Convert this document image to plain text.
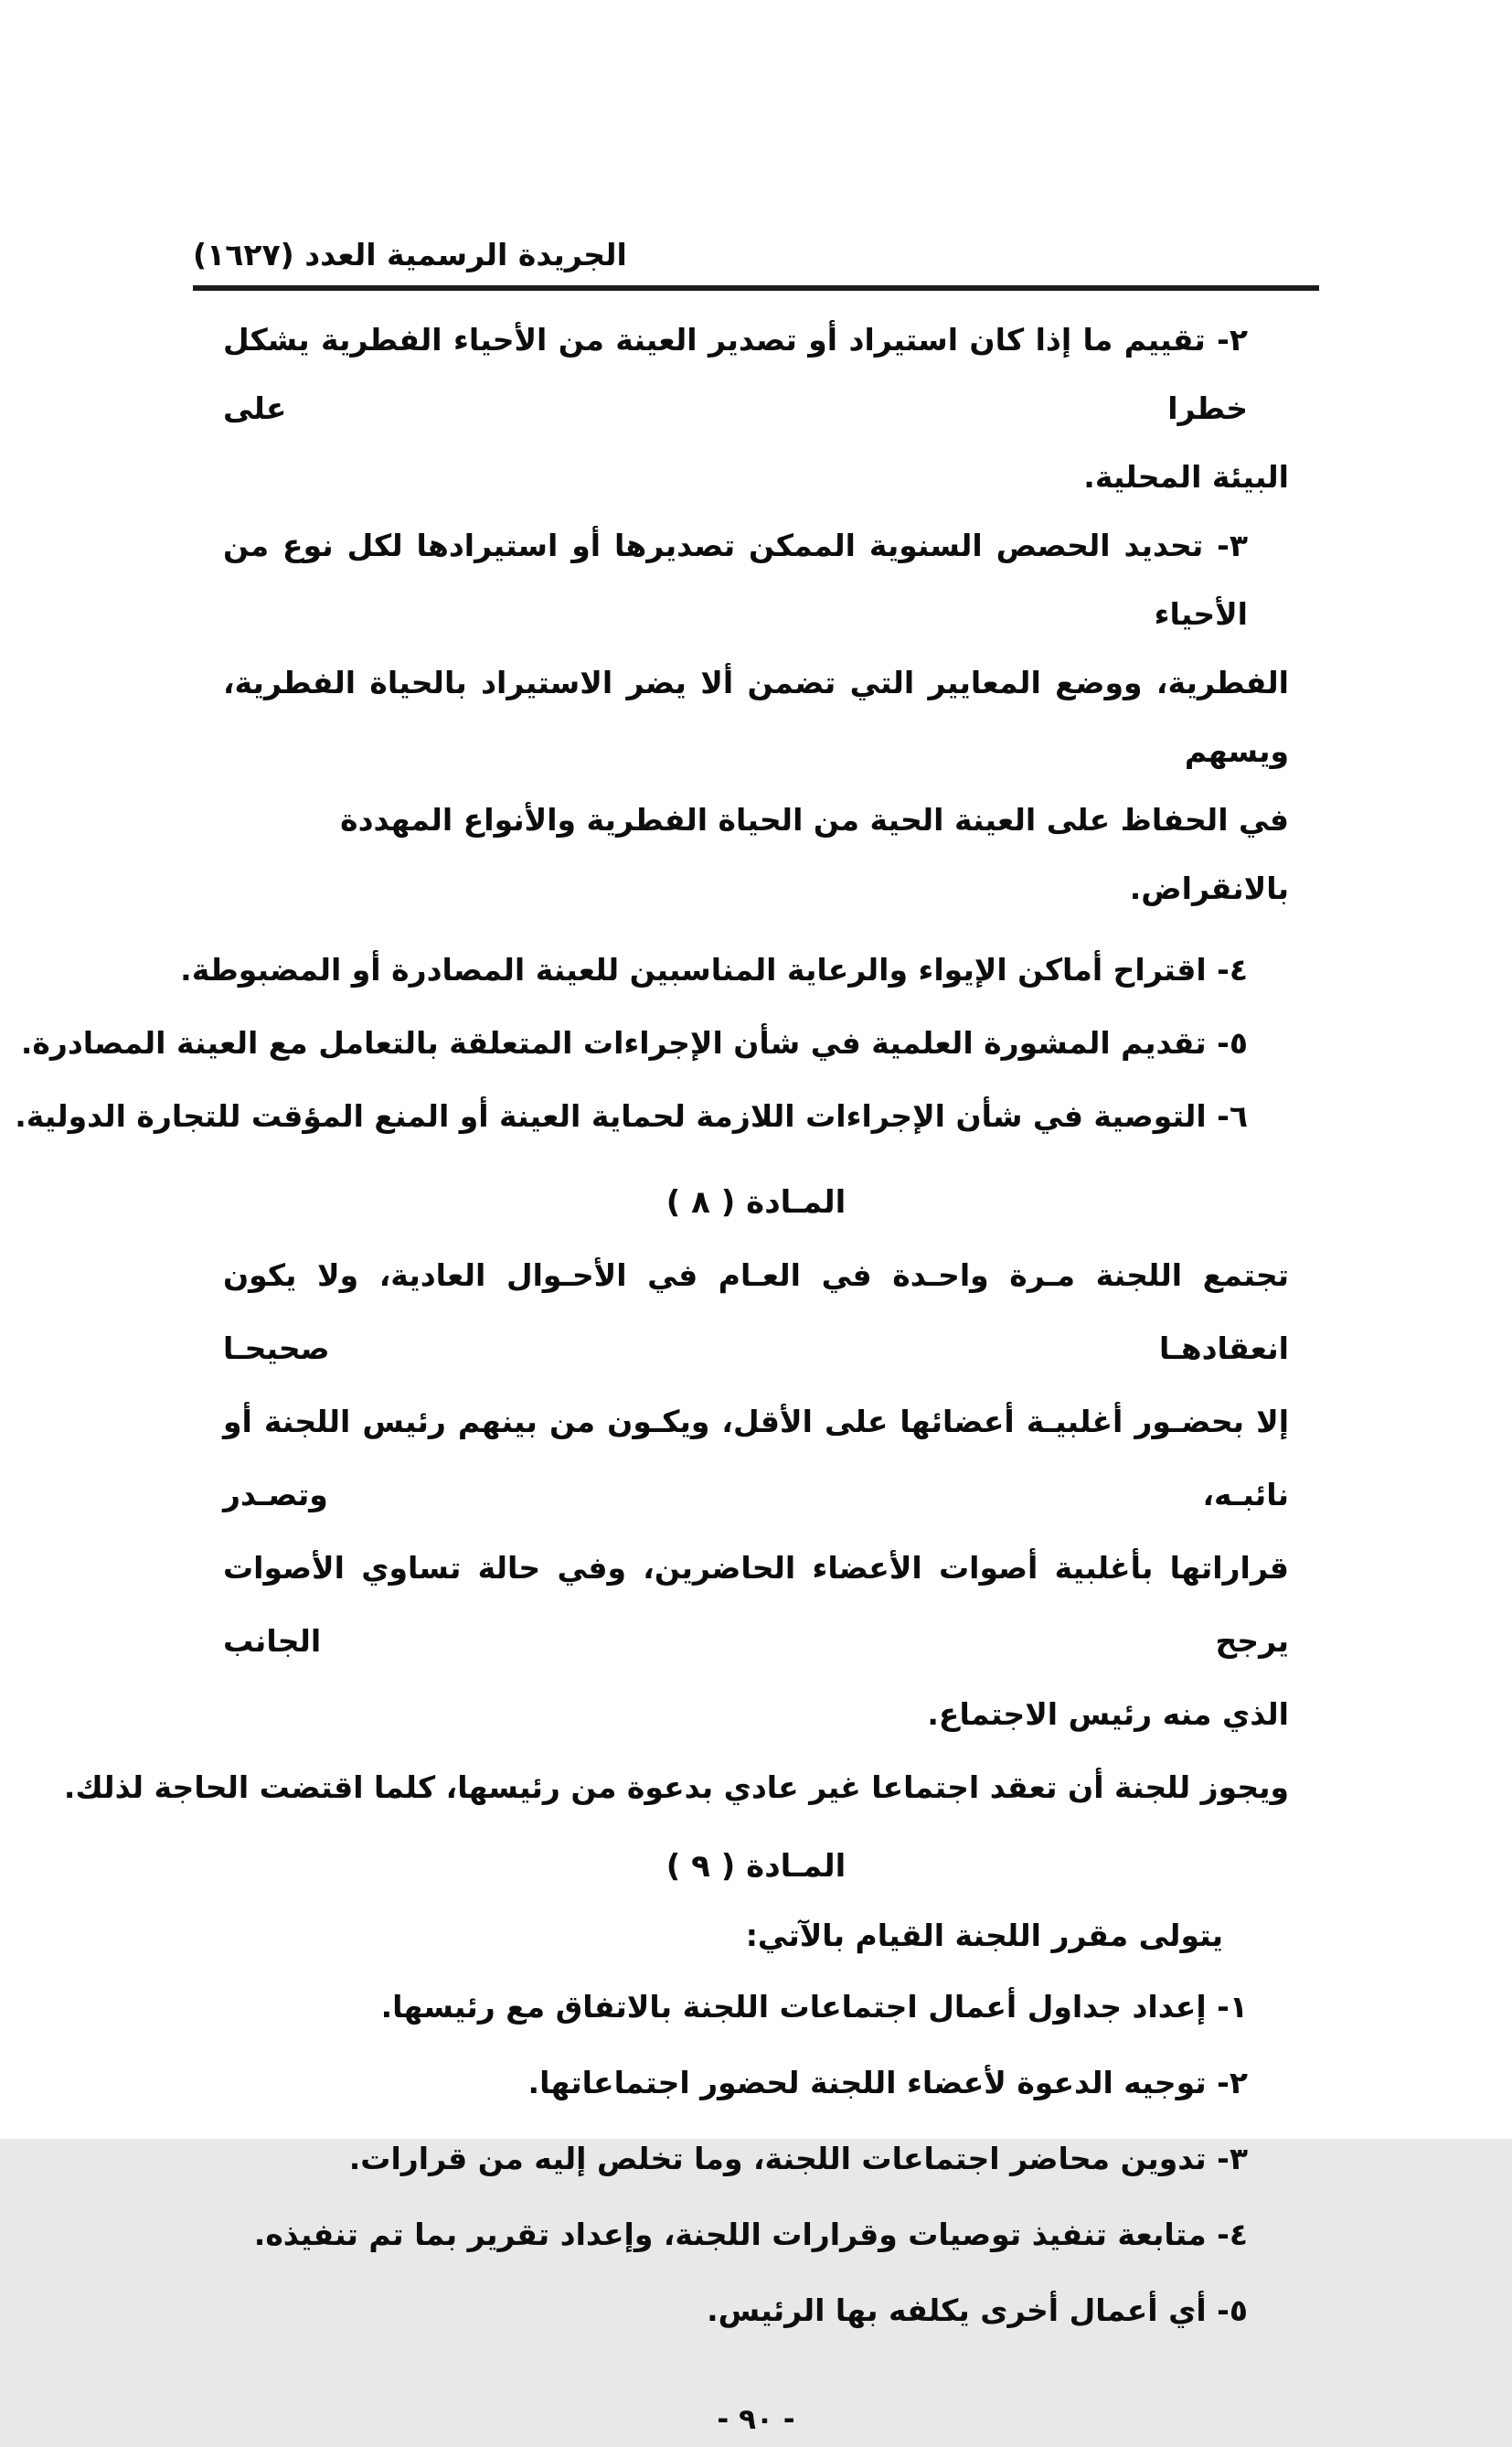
الجريدة الرسمية العدد (١٦٢٧)
٢- تقييم ما إذا كان استيراد أو تصدير العينة من الأحياء الفطرية يشكل خطرا على
البيئة المحلية.
٣- تحديد الحصص السنوية الممكن تصديرها أو استيرادها لكل نوع من الأحياء
الفطرية، ووضع المعايير التي تضمن ألا يضر الاستيراد بالحياة الفطرية، ويسهم
في الحفاظ على العينة الحية من الحياة الفطرية والأنواع المهددة بالانقراض.
٤- اقتراح أماكن الإيواء والرعاية المناسبين للعينة المصادرة أو المضبوطة.
٥- تقديم المشورة العلمية في شأن الإجراءات المتعلقة بالتعامل مع العينة المصادرة.
٦- التوصية في شأن الإجراءات اللازمة لحماية العينة أو المنع المؤقت للتجارة الدولية.
المـادة ( ٨ )
تجتمع اللجنة مـرة واحـدة في العـام في الأحـوال العادية، ولا يكون انعقادهـا صحيحـا
إلا بحضـور أغلبيـة أعضائها على الأقل، ويكـون من بينهم رئيس اللجنة أو نائبـه، وتصـدر
قراراتها بأغلبية أصوات الأعضاء الحاضرين، وفي حالة تساوي الأصوات يرجح الجانب
الذي منه رئيس الاجتماع.
ويجوز للجنة أن تعقد اجتماعا غير عادي بدعوة من رئيسها، كلما اقتضت الحاجة لذلك.
المـادة ( ٩ )
يتولى مقرر اللجنة القيام بالآتي:
١- إعداد جداول أعمال اجتماعات اللجنة بالاتفاق مع رئيسها.
٢- توجيه الدعوة لأعضاء اللجنة لحضور اجتماعاتها.
٣- تدوين محاضر اجتماعات اللجنة، وما تخلص إليه من قرارات.
٤- متابعة تنفيذ توصيات وقرارات اللجنة، وإعداد تقرير بما تم تنفيذه.
٥- أي أعمال أخرى يكلفه بها الرئيس.
- ٩٠ -
